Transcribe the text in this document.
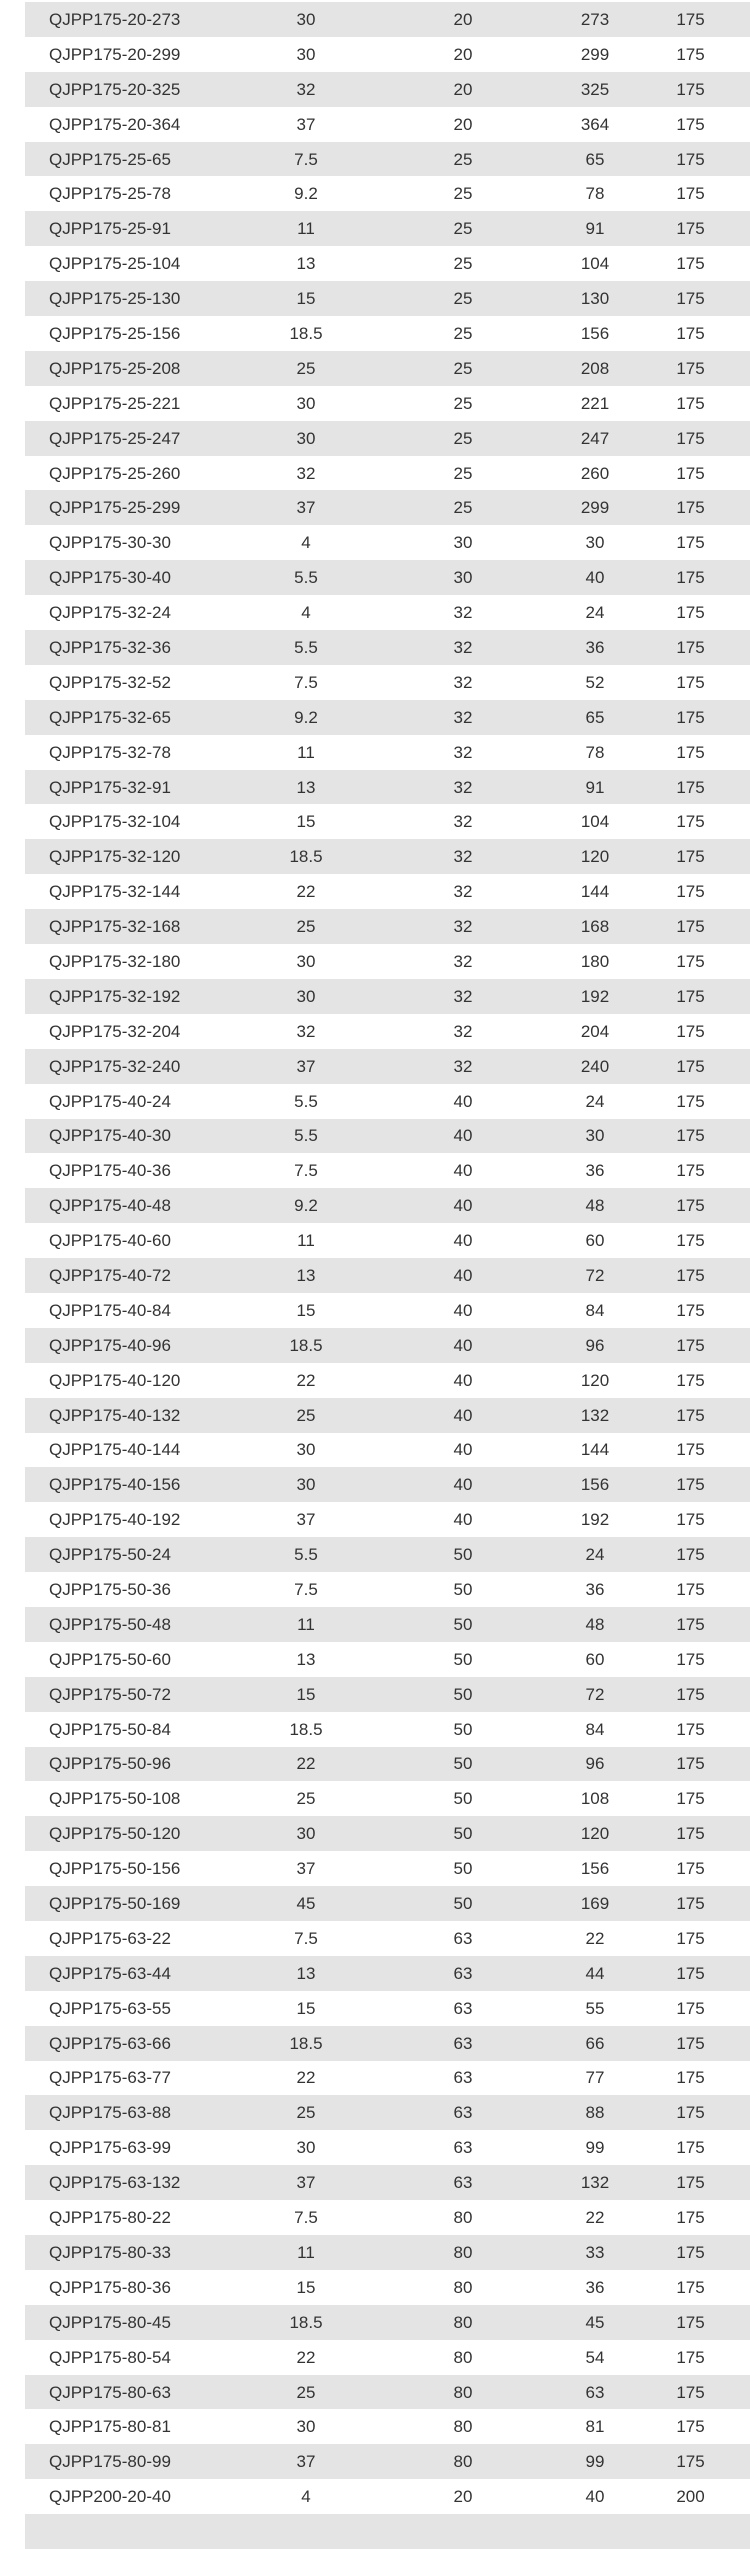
QJPP175-20-273	30	20	273	175
QJPP175-20-299	30	20	299	175
QJPP175-20-325	32	20	325	175
QJPP175-20-364	37	20	364	175
QJPP175-25-65	7.5	25	65	175
QJPP175-25-78	9.2	25	78	175
QJPP175-25-91	11	25	91	175
QJPP175-25-104	13	25	104	175
QJPP175-25-130	15	25	130	175
QJPP175-25-156	18.5	25	156	175
QJPP175-25-208	25	25	208	175
QJPP175-25-221	30	25	221	175
QJPP175-25-247	30	25	247	175
QJPP175-25-260	32	25	260	175
QJPP175-25-299	37	25	299	175
QJPP175-30-30	4	30	30	175
QJPP175-30-40	5.5	30	40	175
QJPP175-32-24	4	32	24	175
QJPP175-32-36	5.5	32	36	175
QJPP175-32-52	7.5	32	52	175
QJPP175-32-65	9.2	32	65	175
QJPP175-32-78	11	32	78	175
QJPP175-32-91	13	32	91	175
QJPP175-32-104	15	32	104	175
QJPP175-32-120	18.5	32	120	175
QJPP175-32-144	22	32	144	175
QJPP175-32-168	25	32	168	175
QJPP175-32-180	30	32	180	175
QJPP175-32-192	30	32	192	175
QJPP175-32-204	32	32	204	175
QJPP175-32-240	37	32	240	175
QJPP175-40-24	5.5	40	24	175
QJPP175-40-30	5.5	40	30	175
QJPP175-40-36	7.5	40	36	175
QJPP175-40-48	9.2	40	48	175
QJPP175-40-60	11	40	60	175
QJPP175-40-72	13	40	72	175
QJPP175-40-84	15	40	84	175
QJPP175-40-96	18.5	40	96	175
QJPP175-40-120	22	40	120	175
QJPP175-40-132	25	40	132	175
QJPP175-40-144	30	40	144	175
QJPP175-40-156	30	40	156	175
QJPP175-40-192	37	40	192	175
QJPP175-50-24	5.5	50	24	175
QJPP175-50-36	7.5	50	36	175
QJPP175-50-48	11	50	48	175
QJPP175-50-60	13	50	60	175
QJPP175-50-72	15	50	72	175
QJPP175-50-84	18.5	50	84	175
QJPP175-50-96	22	50	96	175
QJPP175-50-108	25	50	108	175
QJPP175-50-120	30	50	120	175
QJPP175-50-156	37	50	156	175
QJPP175-50-169	45	50	169	175
QJPP175-63-22	7.5	63	22	175
QJPP175-63-44	13	63	44	175
QJPP175-63-55	15	63	55	175
QJPP175-63-66	18.5	63	66	175
QJPP175-63-77	22	63	77	175
QJPP175-63-88	25	63	88	175
QJPP175-63-99	30	63	99	175
QJPP175-63-132	37	63	132	175
QJPP175-80-22	7.5	80	22	175
QJPP175-80-33	11	80	33	175
QJPP175-80-36	15	80	36	175
QJPP175-80-45	18.5	80	45	175
QJPP175-80-54	22	80	54	175
QJPP175-80-63	25	80	63	175
QJPP175-80-81	30	80	81	175
QJPP175-80-99	37	80	99	175
QJPP200-20-40	4	20	40	200
